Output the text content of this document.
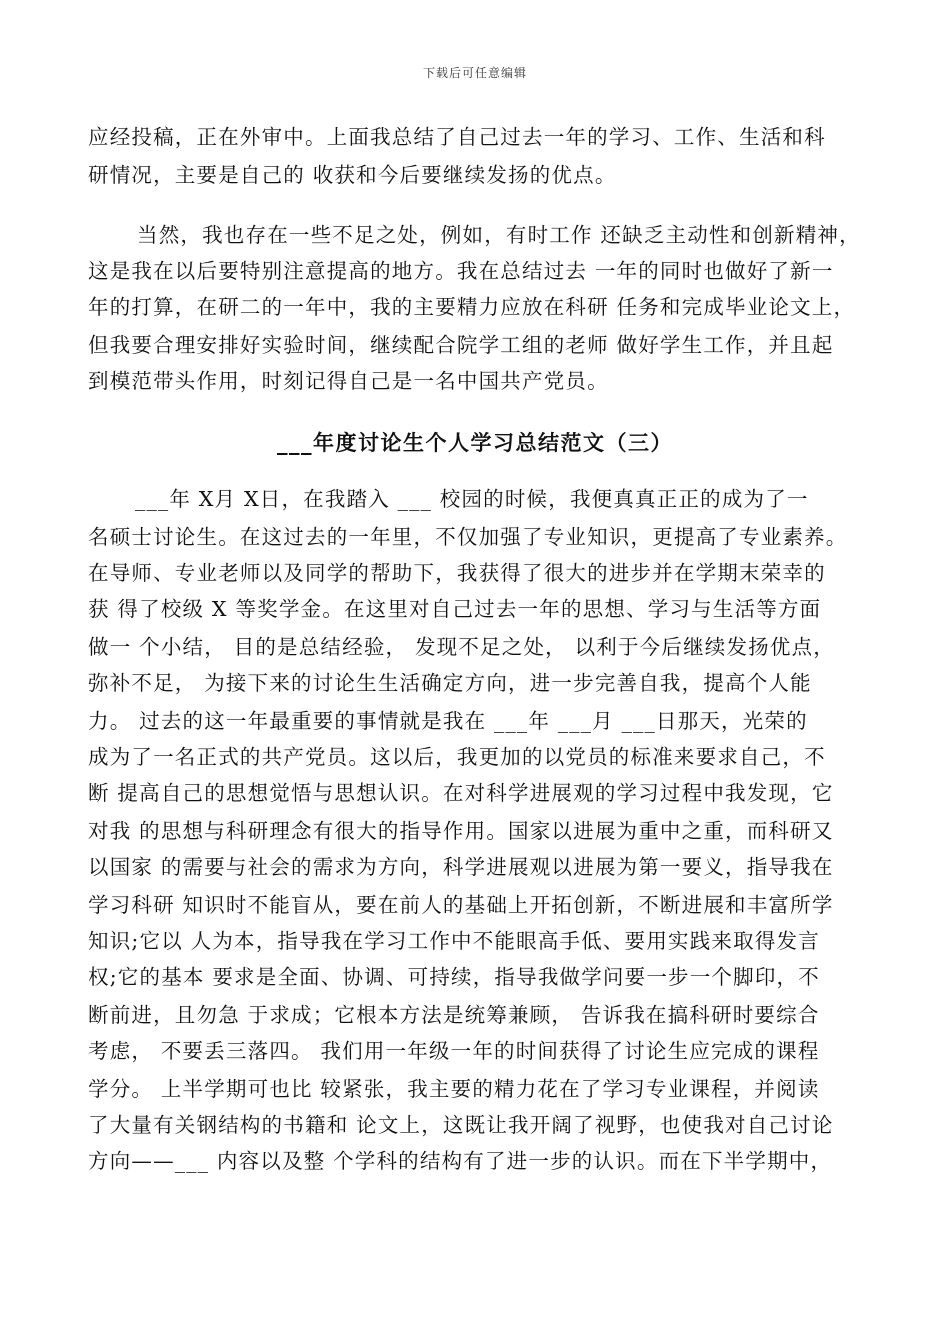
下载后可任意编辑
应经投稿，正在外审中。上面我总结了自己过去一年的学习、工作、生活和科
研情况，主要是自己的 收获和今后要继续发扬的优点。
当然，我也存在一些不足之处，例如，有时工作 还缺乏主动性和创新精神，
这是我在以后要特别注意提高的地方。我在总结过去 一年的同时也做好了新一
年的打算，在研二的一年中，我的主要精力应放在科研 任务和完成毕业论文上，
但我要合理安排好实验时间，继续配合院学工组的老师 做好学生工作，并且起
到模范带头作用，时刻记得自己是一名中国共产党员。
___年度讨论生个人学习总结范文（三）
___年 X月 X日，在我踏入 ___ 校园的时候，我便真真正正的成为了一
名硕士讨论生。在这过去的一年里，不仅加强了专业知识，更提高了专业素养。
在导师、专业老师以及同学的帮助下，我获得了很大的进步并在学期末荣幸的
获 得了校级 X 等奖学金。在这里对自己过去一年的思想、学习与生活等方面
做一 个小结， 目的是总结经验， 发现不足之处， 以利于今后继续发扬优点，
弥补不足， 为接下来的讨论生生活确定方向，进一步完善自我，提高个人能
力。 过去的这一年最重要的事情就是我在 ___年 ___月 ___日那天，光荣的
成为了一名正式的共产党员。这以后，我更加的以党员的标准来要求自己，不
断 提高自己的思想觉悟与思想认识。在对科学进展观的学习过程中我发现，它
对我 的思想与科研理念有很大的指导作用。国家以进展为重中之重，而科研又
以国家 的需要与社会的需求为方向，科学进展观以进展为第一要义，指导我在
学习科研 知识时不能盲从，要在前人的基础上开拓创新，不断进展和丰富所学
知识;它以 人为本，指导我在学习工作中不能眼高手低、要用实践来取得发言
权;它的基本 要求是全面、协调、可持续，指导我做学问要一步一个脚印，不
断前进，且勿急 于求成；它根本方法是统筹兼顾， 告诉我在搞科研时要综合
考虑， 不要丢三落四。 我们用一年级一年的时间获得了讨论生应完成的课程
学分。 上半学期可也比 较紧张，我主要的精力花在了学习专业课程，并阅读
了大量有关钢结构的书籍和 论文上，这既让我开阔了视野，也使我对自己讨论
方向——___ 内容以及整 个学科的结构有了进一步的认识。而在下半学期中，
